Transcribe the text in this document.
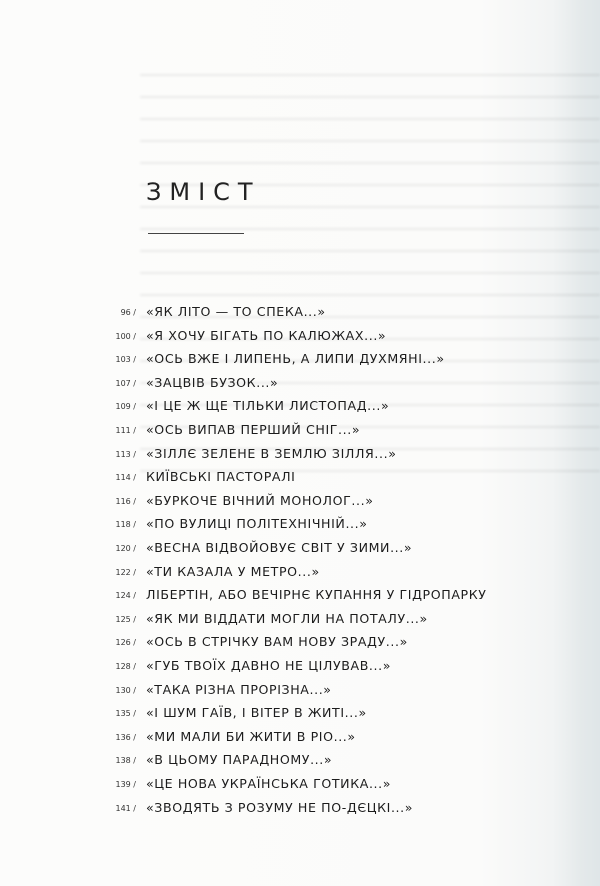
ЗМІСТ
96 / «ЯК ЛІТО — ТО СПЕКА...»
100 / «Я ХОЧУ БІГАТЬ ПО КАЛЮЖАХ...»
103 / «ОСЬ ВЖЕ І ЛИПЕНЬ, А ЛИПИ ДУХМЯНІ...»
107 / «ЗАЦВІВ БУЗОК...»
109 / «І ЦЕ Ж ЩЕ ТІЛЬКИ ЛИСТОПАД...»
111 / «ОСЬ ВИПАВ ПЕРШИЙ СНІГ...»
113 / «ЗІЛЛЄ ЗЕЛЕНЕ В ЗЕМЛЮ ЗІЛЛЯ...»
114 / КИЇВСЬКІ ПАСТОРАЛІ
116 / «БУРКОЧЕ ВІЧНИЙ МОНОЛОГ...»
118 / «ПО ВУЛИЦІ ПОЛІТЕХНІЧНІЙ...»
120 / «ВЕСНА ВІДВОЙОВУЄ СВІТ У ЗИМИ...»
122 / «ТИ КАЗАЛА У МЕТРО...»
124 / ЛІБЕРТІН, АБО ВЕЧІРНЄ КУПАННЯ У ГІДРОПАРКУ
125 / «ЯК МИ ВІДДАТИ МОГЛИ НА ПОТАЛУ...»
126 / «ОСЬ В СТРІЧКУ ВАМ НОВУ ЗРАДУ...»
128 / «ГУБ ТВОЇХ ДАВНО НЕ ЦІЛУВАВ...»
130 / «ТАКА РІЗНА ПРОРІЗНА...»
135 / «І ШУМ ГАЇВ, І ВІТЕР В ЖИТІ...»
136 / «МИ МАЛИ БИ ЖИТИ В РІО...»
138 / «В ЦЬОМУ ПАРАДНОМУ...»
139 / «ЦЕ НОВА УКРАЇНСЬКА ГОТИКА...»
141 / «ЗВОДЯТЬ З РОЗУМУ НЕ ПО-ДЄЦКІ...»
